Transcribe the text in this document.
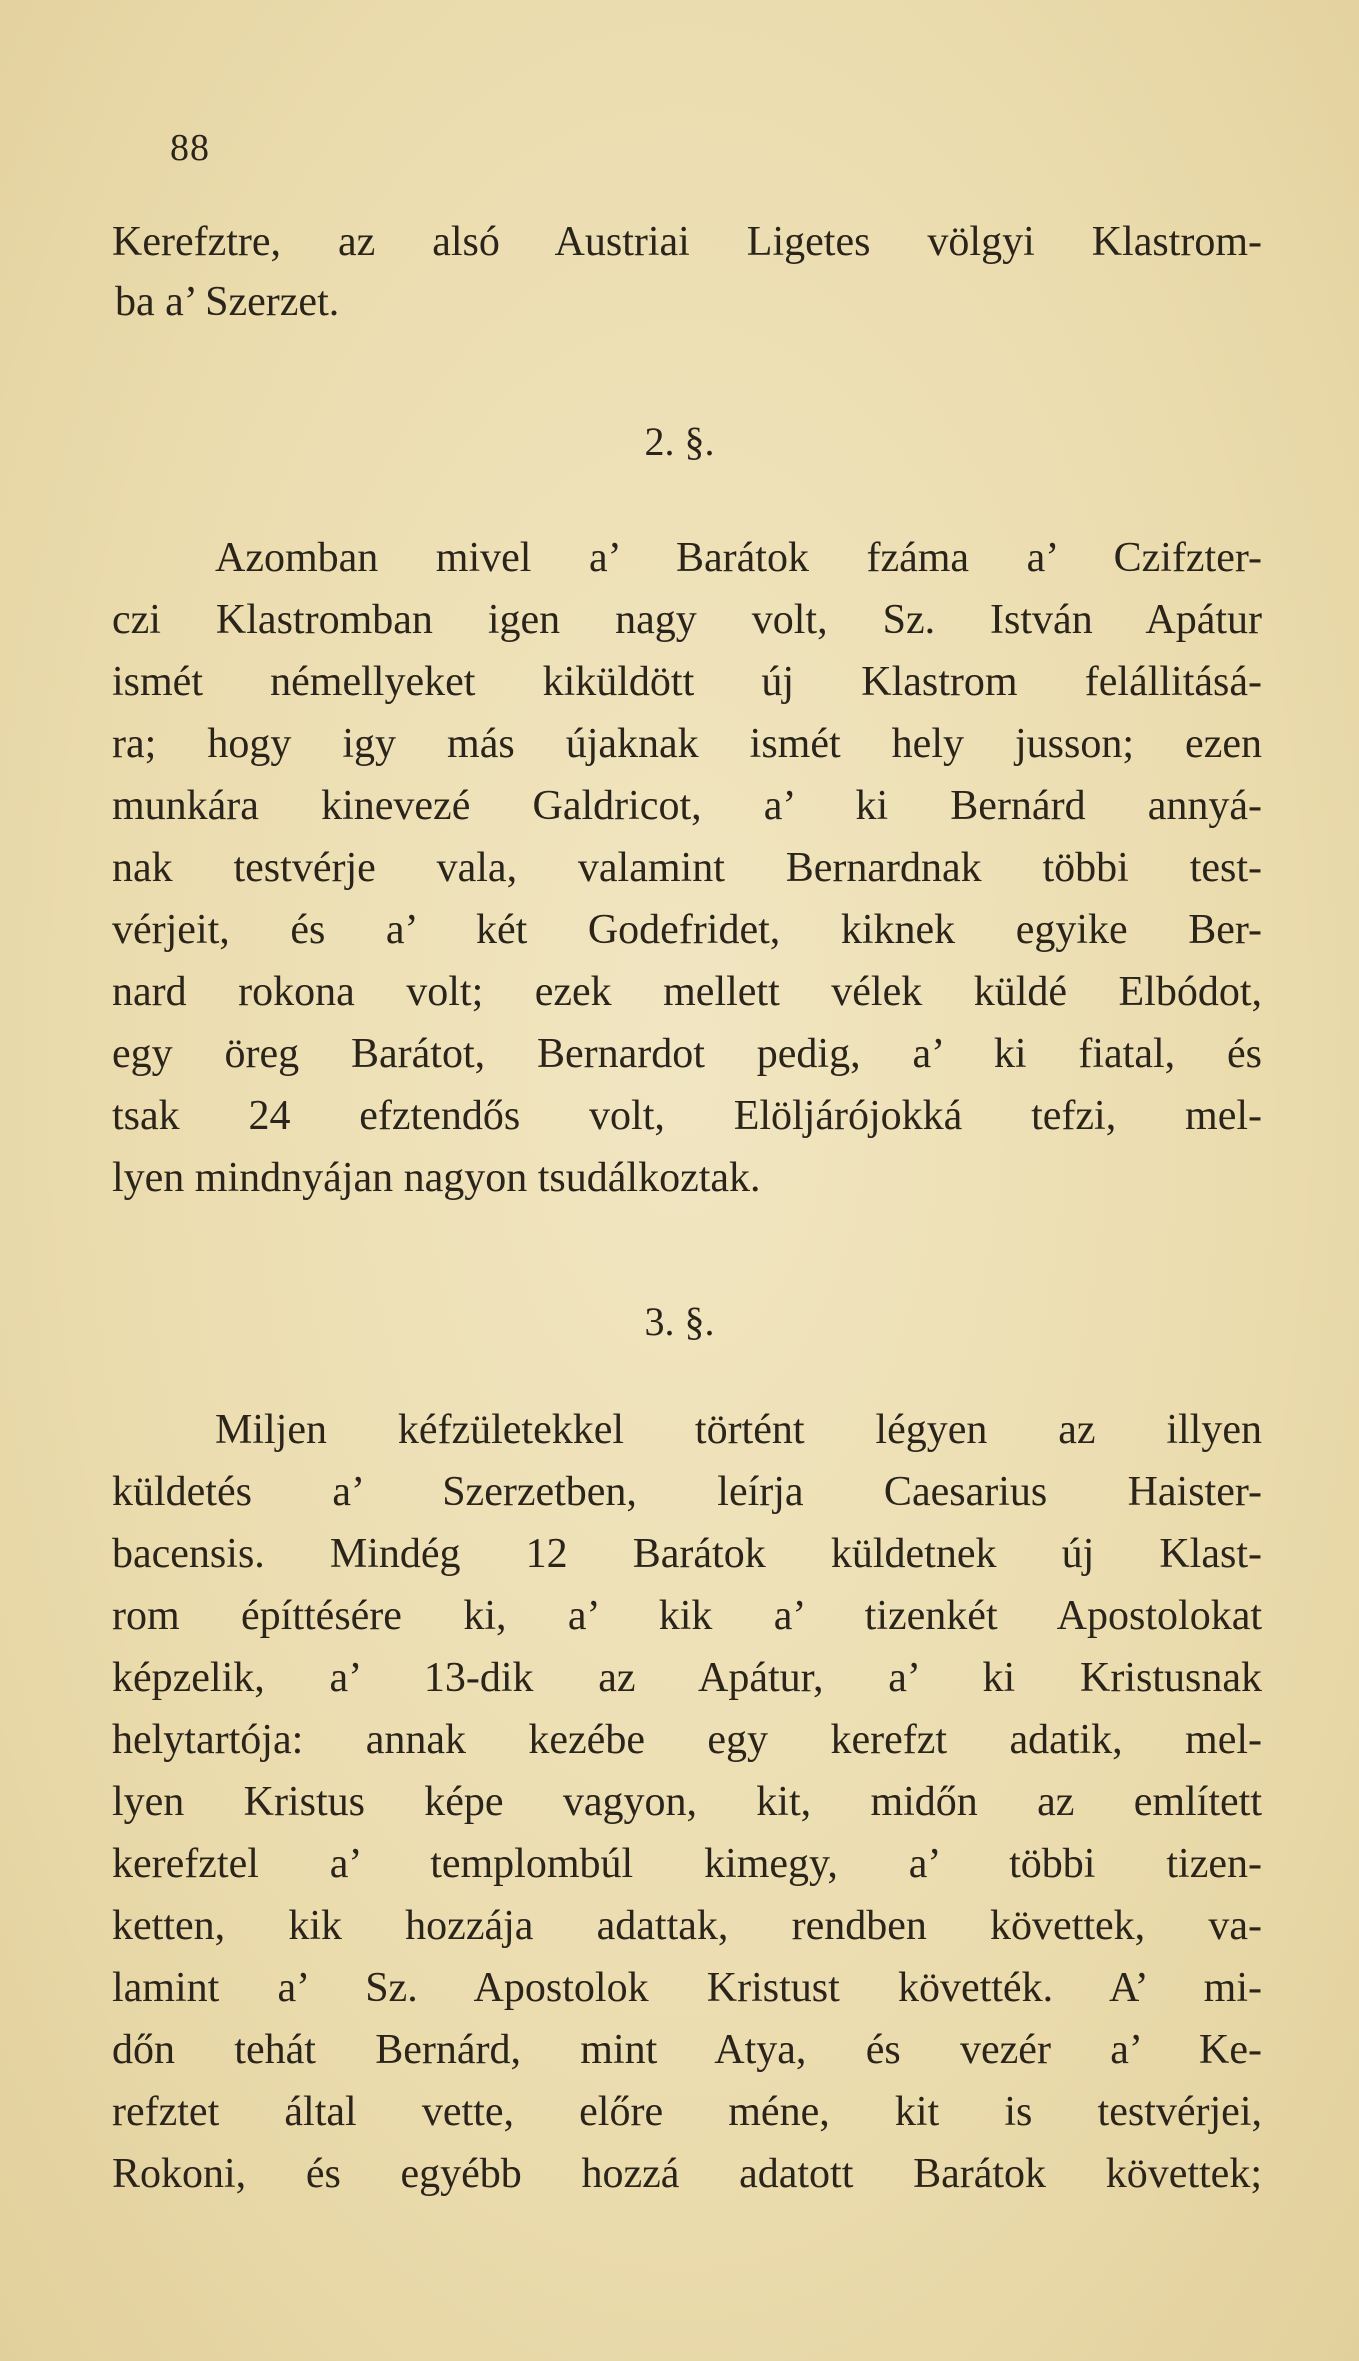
88
Kerefztre, az alsó Austriai Ligetes völgyi Klastrom-
ba a’ Szerzet.
2. §.
Azomban mivel a’ Barátok fzáma a’ Czifzter-
czi Klastromban igen nagy volt, Sz. István Apátur
ismét némellyeket kiküldött új Klastrom felállitásá-
ra; hogy igy más újaknak ismét hely jusson; ezen
munkára kinevezé Galdricot, a’ ki Bernárd annyá-
nak testvérje vala, valamint Bernardnak többi test-
vérjeit, és a’ két Godefridet, kiknek egyike Ber-
nard rokona volt; ezek mellett vélek küldé Elbódot,
egy öreg Barátot, Bernardot pedig, a’ ki fiatal, és
tsak 24 efztendős volt, Elöljárójokká tefzi, mel-
lyen mindnyájan nagyon tsudálkoztak.
3. §.
Miljen kéfzületekkel történt légyen az illyen
küldetés a’ Szerzetben, leírja Caesarius Haister-
bacensis. Mindég 12 Barátok küldetnek új Klast-
rom építtésére ki, a’ kik a’ tizenkét Apostolokat
képzelik, a’ 13-dik az Apátur, a’ ki Kristusnak
helytartója: annak kezébe egy kerefzt adatik, mel-
lyen Kristus képe vagyon, kit, midőn az említett
kerefztel a’ templombúl kimegy, a’ többi tizen-
ketten, kik hozzája adattak, rendben követtek, va-
lamint a’ Sz. Apostolok Kristust követték. A’ mi-
dőn tehát Bernárd, mint Atya, és vezér a’ Ke-
refztet által vette, előre méne, kit is testvérjei,
Rokoni, és egyébb hozzá adatott Barátok követtek;
